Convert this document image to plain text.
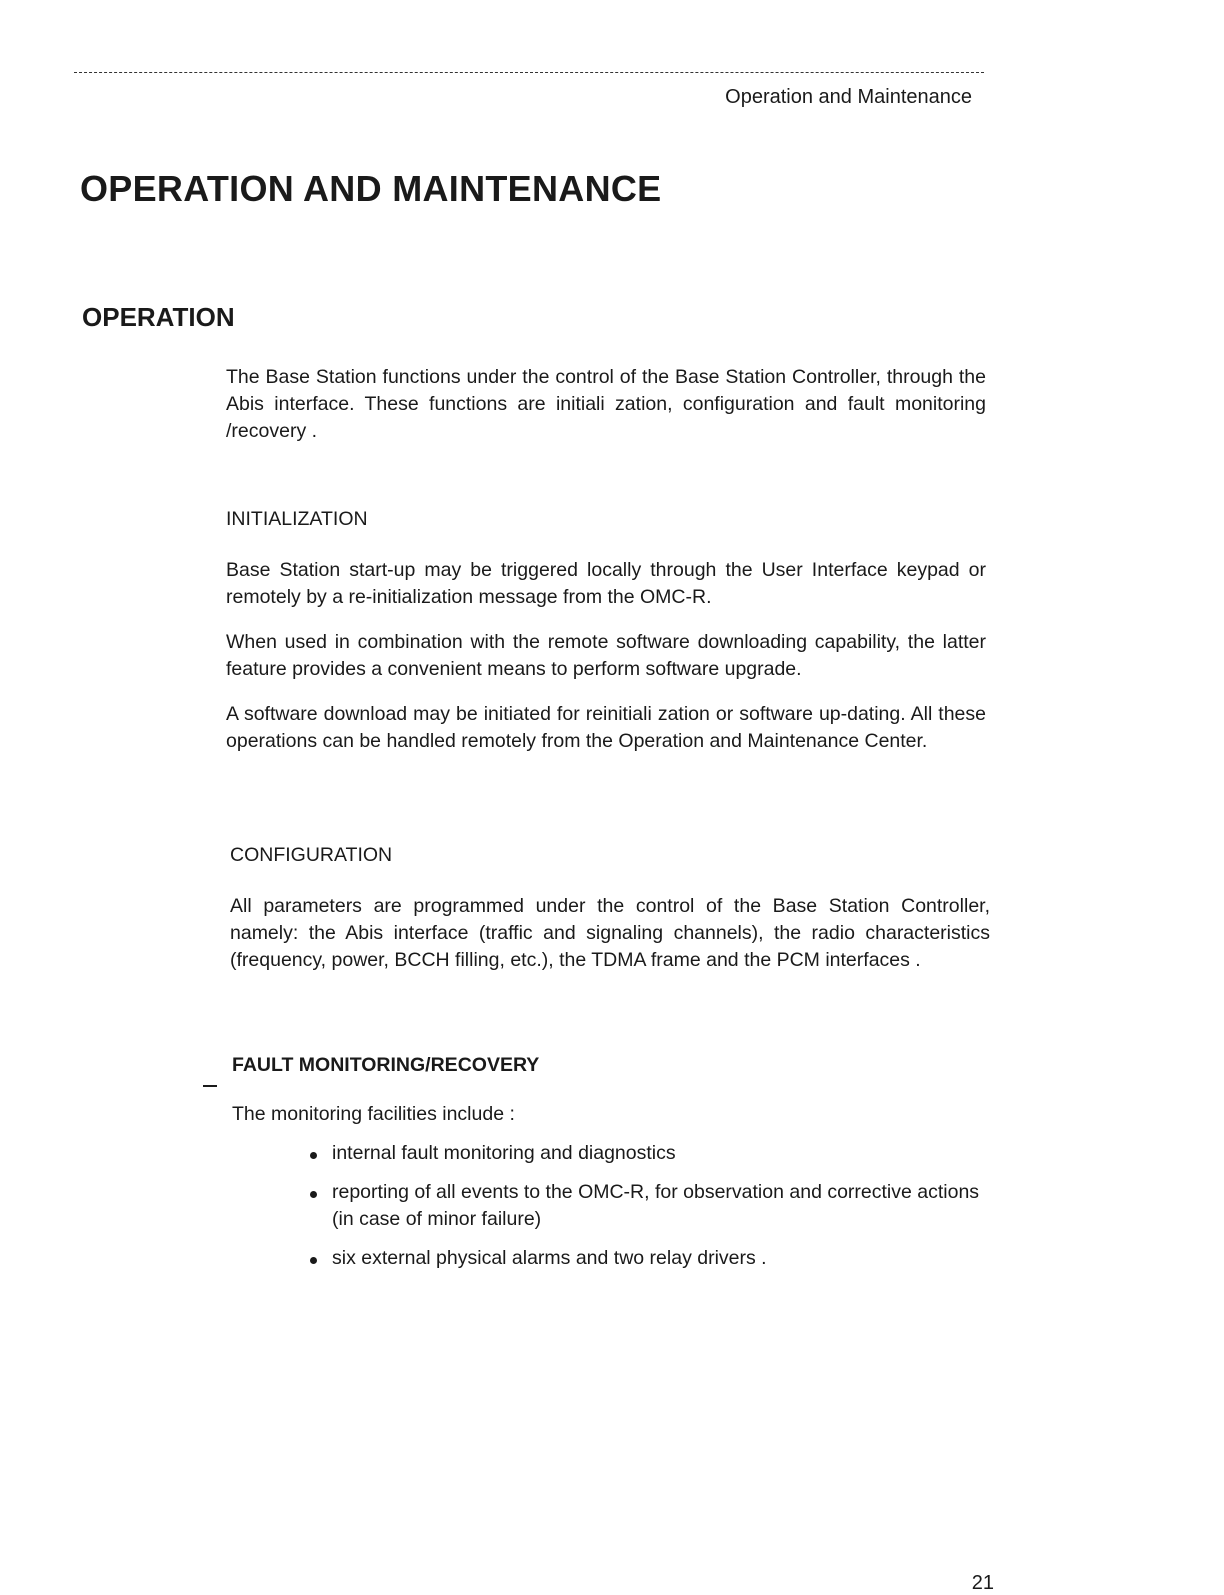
Operation and Maintenance
OPERATION AND MAINTENANCE
OPERATION

The Base Station functions under the control of the Base Station Controller, through the Abis interface. These functions are initiali zation, configuration and fault monitoring /recovery .

INITIALIZATION

Base Station start-up may be triggered locally through the User Interface keypad or remotely by a re-initialization message from the OMC-R.

When used in combination with the remote software downloading capability, the latter feature provides a convenient means to perform software upgrade.

A software download may be initiated for reinitiali zation or software up-dating. All these operations can be handled remotely from the Operation and Maintenance Center.

CONFIGURATION

All parameters are programmed under the control of the Base Station Controller, namely: the Abis interface (traffic and signaling channels), the radio characteristics (frequency, power, BCCH filling, etc.), the TDMA frame and the PCM interfaces .

FAULT MONITORING/RECOVERY

The monitoring facilities include :

internal fault monitoring and diagnostics
reporting of all events to the OMC-R, for observation and corrective actions (in case of minor failure)
six external physical alarms and two relay drivers .
21
